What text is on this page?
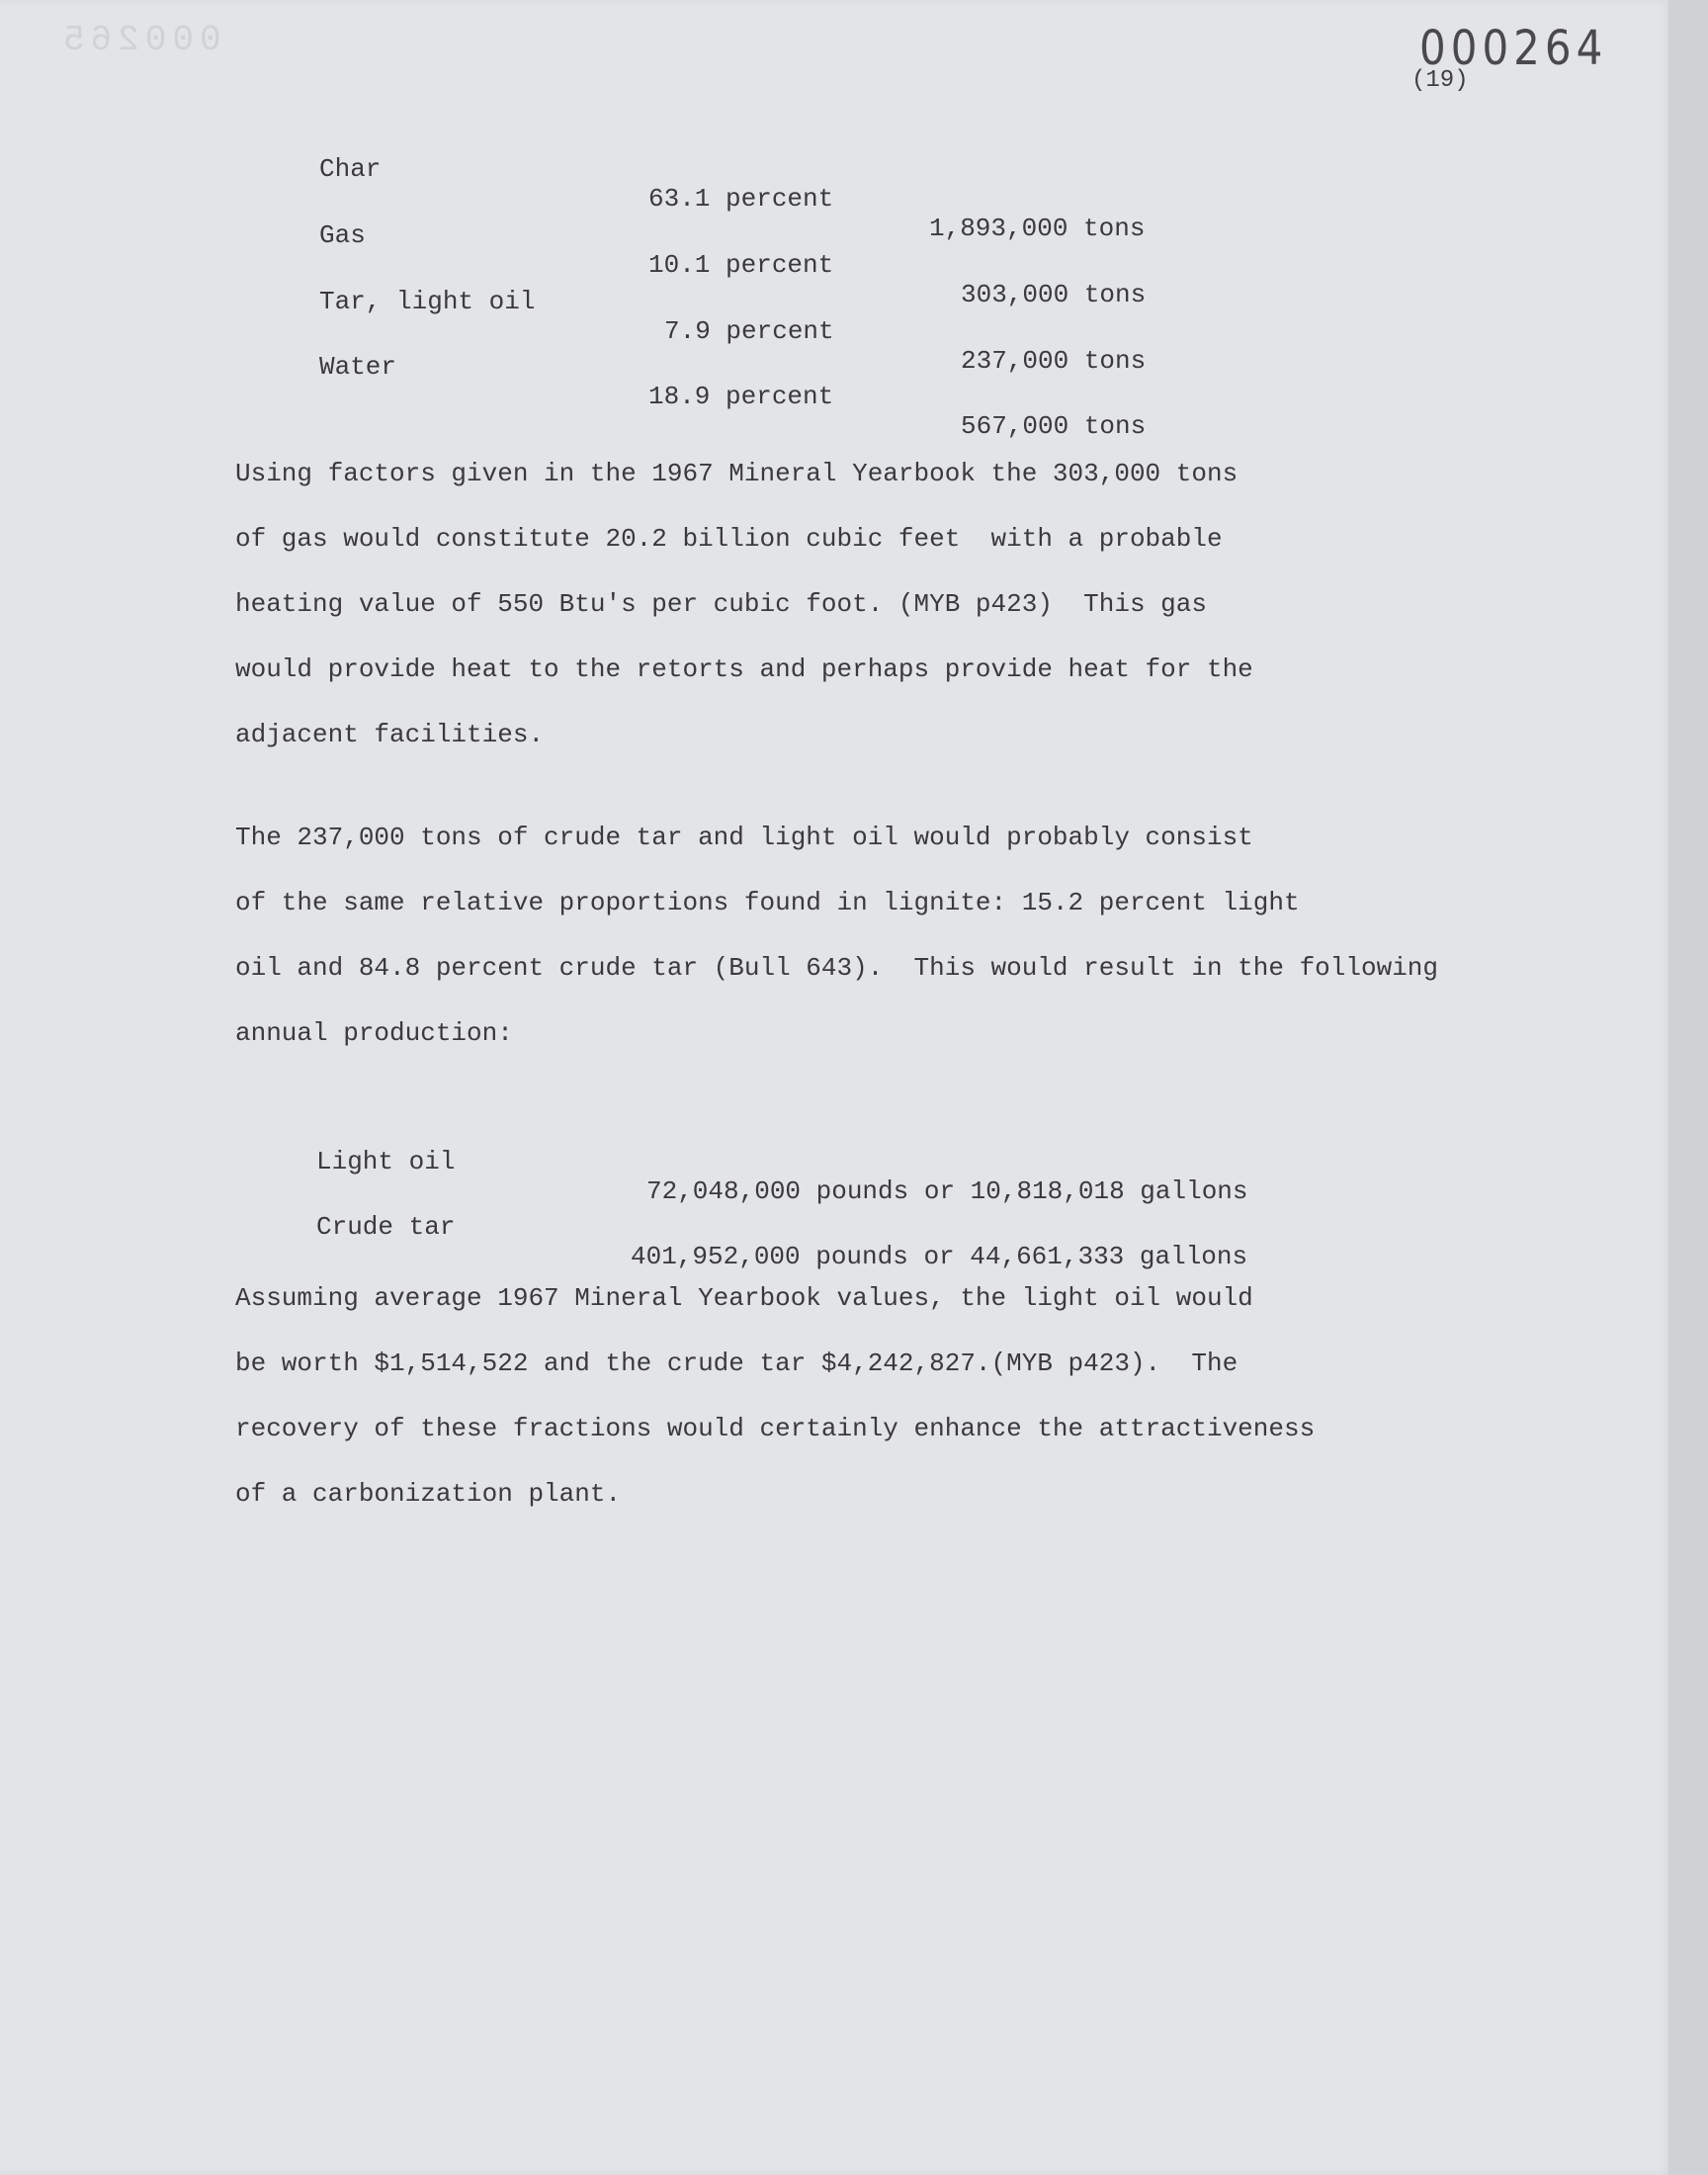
000265	000264
(19)

Char

63.1 percent

1,893,000 tons

Gas

10.1 percent

303,000 tons

Tar, light oil

7.9 percent

237,000 tons

Water

18.9 percent

567,000 tons

Using factors given in the 1967 Mineral Yearbook the 303,000 tons
of gas would constitute 20.2 billion cubic feet  with a probable
heating value of 550 Btu's per cubic foot. (MYB p423)  This gas
would provide heat to the retorts and perhaps provide heat for the
adjacent facilities.
The 237,000 tons of crude tar and light oil would probably consist
of the same relative proportions found in lignite: 15.2 percent light
oil and 84.8 percent crude tar (Bull 643).  This would result in the following
annual production:

Light oil

72,048,000 pounds or 10,818,018 gallons

Crude tar

401,952,000 pounds or 44,661,333 gallons

Assuming average 1967 Mineral Yearbook values, the light oil would
be worth $1,514,522 and the crude tar $4,242,827.(MYB p423).  The
recovery of these fractions would certainly enhance the attractiveness
of a carbonization plant.
